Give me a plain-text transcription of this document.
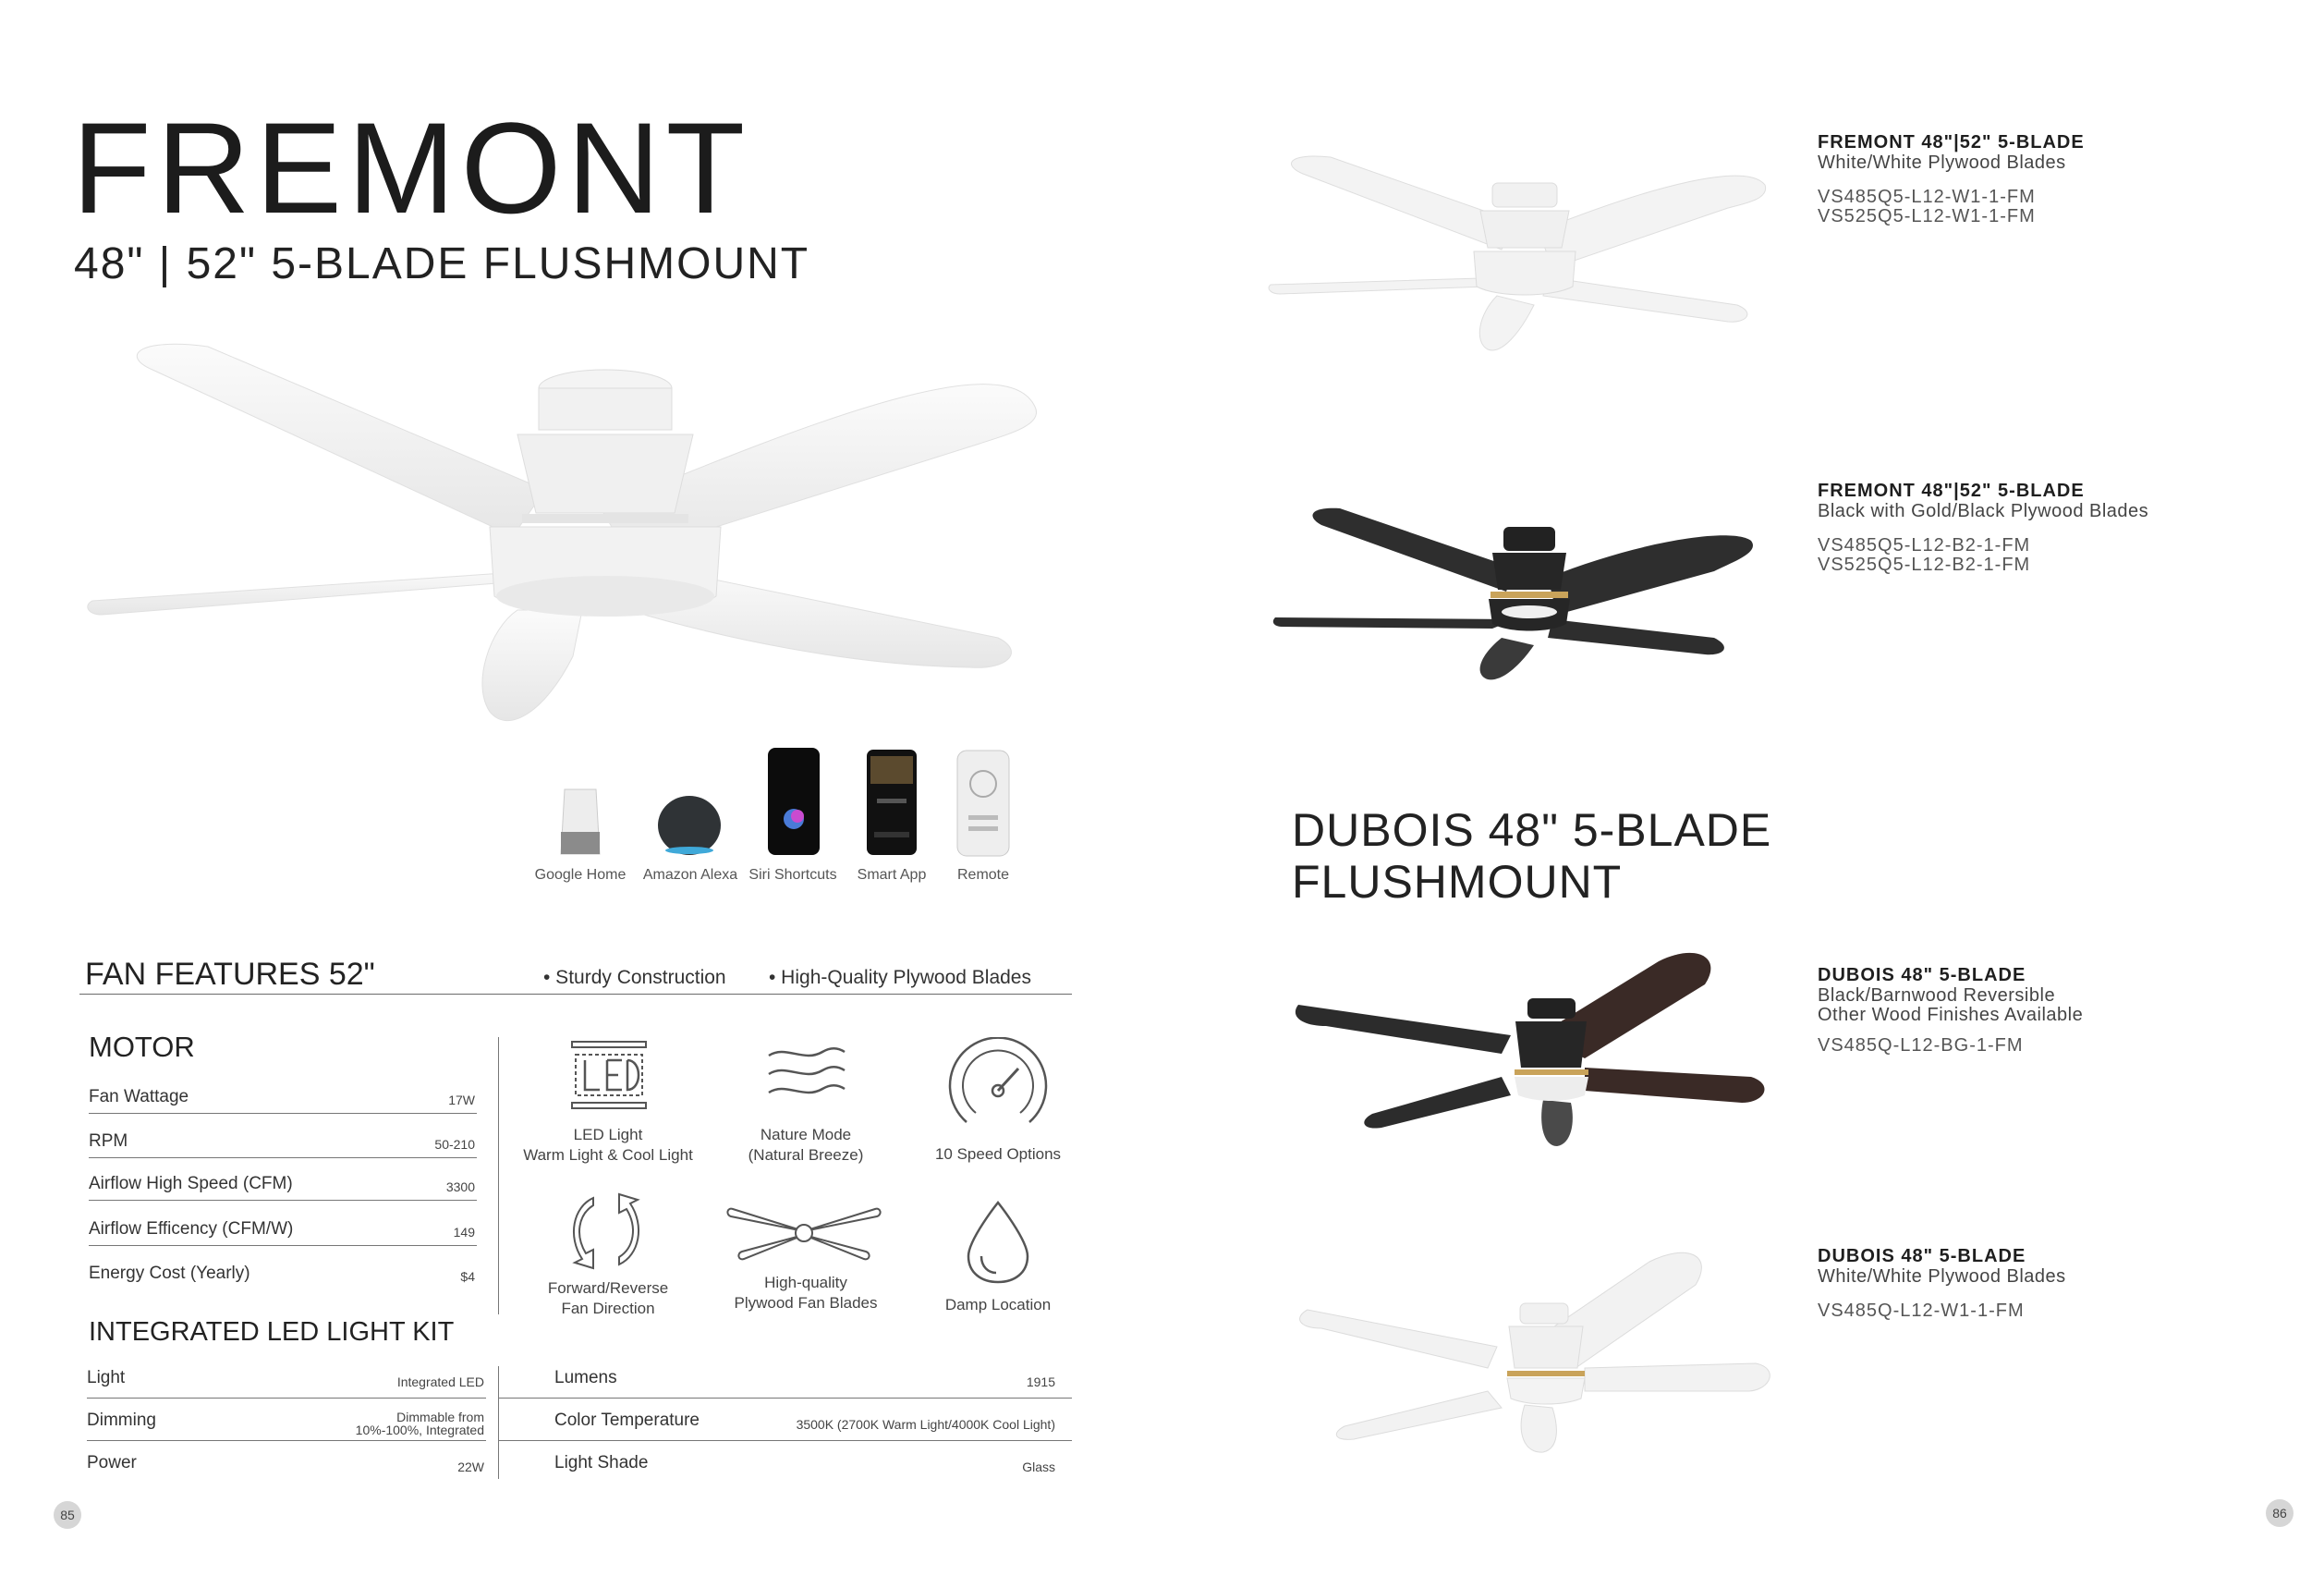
FREMONT
48" | 52" 5-BLADE FLUSHMOUNT
Google Home	Amazon Alexa Siri Shortcuts	Smart App	Remote
FAN FEATURES 52"	• Sturdy Construction • High-Quality Plywood Blades
MOTOR
Fan Wattage	17W
RPM	50-210
Airflow High Speed (CFM)	3300
Airflow Efficency (CFM/W)	149
Energy Cost (Yearly)	$4
LED Light
Warm Light & Cool Light
Nature Mode
(Natural Breeze)	10 Speed Options
Forward/Reverse
Fan Direction
High-quality
Plywood Fan Blades	Damp Location
INTEGRATED LED LIGHT KIT
Light	Integrated LED
Dimming	Dimmable from
10%-100%, Integrated
Power	22W
Lumens	1915
Color Temperature	3500K (2700K Warm Light/4000K Cool Light)
Light Shade	Glass
85
FREMONT 48"|52" 5-BLADE
White/White Plywood Blades
VS485Q5-L12-W1-1-FM
VS525Q5-L12-W1-1-FM
FREMONT 48"|52" 5-BLADE
Black with Gold/Black Plywood Blades
VS485Q5-L12-B2-1-FM
VS525Q5-L12-B2-1-FM
DUBOIS 48" 5-BLADE
FLUSHMOUNT
DUBOIS 48" 5-BLADE
Black/Barnwood Reversible
Other Wood Finishes Available
VS485Q-L12-BG-1-FM
DUBOIS 48" 5-BLADE
White/White Plywood Blades
VS485Q-L12-W1-1-FM
86
